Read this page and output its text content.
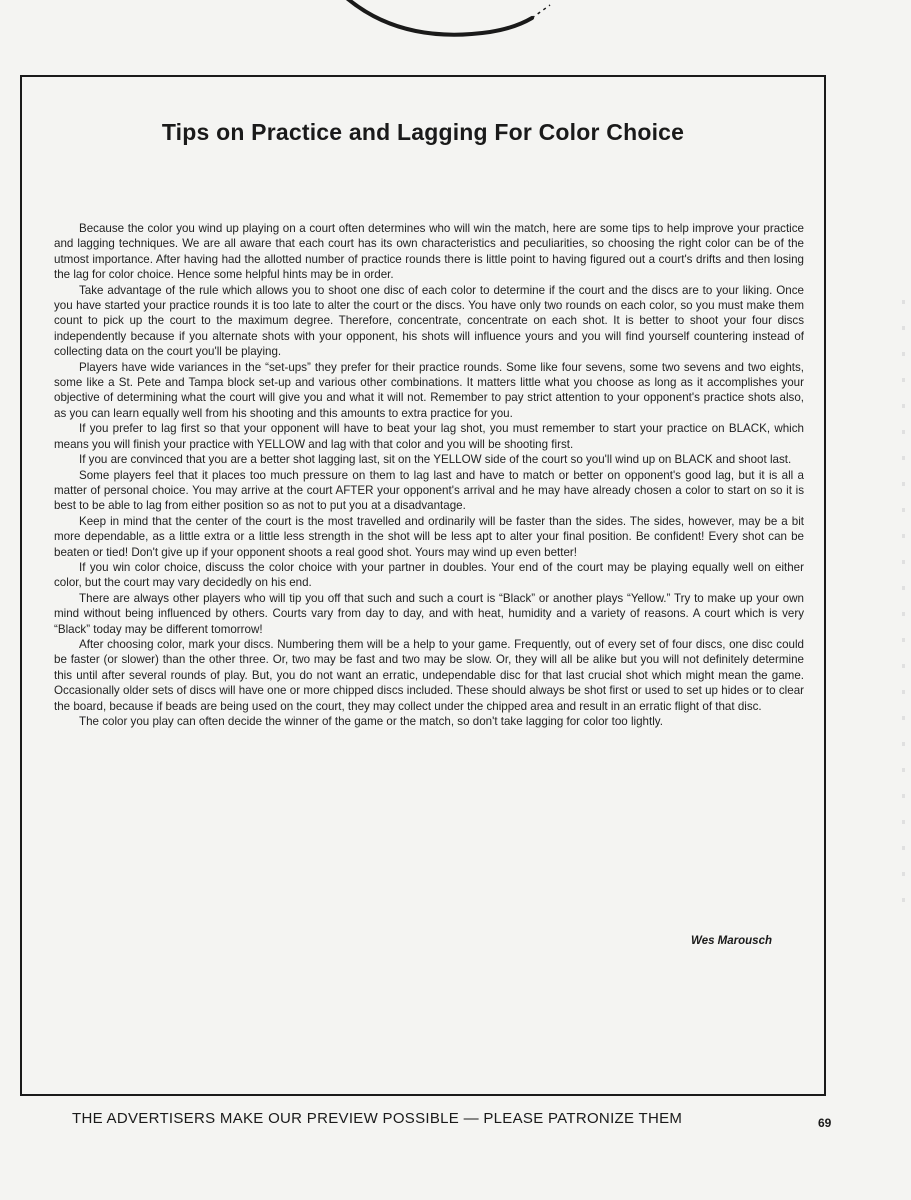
Tips on Practice and Lagging For Color Choice

Because the color you wind up playing on a court often determines who will win the match, here are some tips to help improve your practice and lagging techniques. We are all aware that each court has its own characteristics and peculiarities, so choosing the right color can be of the utmost importance. After having had the allotted number of practice rounds there is little point to having figured out a court's drifts and then losing the lag for color choice. Hence some helpful hints may be in order.

Take advantage of the rule which allows you to shoot one disc of each color to determine if the court and the discs are to your liking. Once you have started your practice rounds it is too late to alter the court or the discs. You have only two rounds on each color, so you must make them count to pick up the court to the maximum degree. Therefore, concentrate, concentrate on each shot. It is better to shoot your four discs independently because if you alternate shots with your opponent, his shots will influence yours and you will find yourself countering instead of collecting data on the court you'll be playing.

Players have wide variances in the “set-ups” they prefer for their practice rounds. Some like four sevens, some two sevens and two eights, some like a St. Pete and Tampa block set-up and various other combinations. It matters little what you choose as long as it accomplishes your objective of determining what the court will give you and what it will not. Remember to pay strict attention to your opponent's practice shots also, as you can learn equally well from his shooting and this amounts to extra practice for you.

If you prefer to lag first so that your opponent will have to beat your lag shot, you must remember to start your practice on BLACK, which means you will finish your practice with YELLOW and lag with that color and you will be shooting first.

If you are convinced that you are a better shot lagging last, sit on the YELLOW side of the court so you'll wind up on BLACK and shoot last.

Some players feel that it places too much pressure on them to lag last and have to match or better on opponent's good lag, but it is all a matter of personal choice. You may arrive at the court AFTER your opponent's arrival and he may have already chosen a color to start on so it is best to be able to lag from either position so as not to put you at a disadvantage.

Keep in mind that the center of the court is the most travelled and ordinarily will be faster than the sides. The sides, however, may be a bit more dependable, as a little extra or a little less strength in the shot will be less apt to alter your final position. Be confident! Every shot can be beaten or tied! Don't give up if your opponent shoots a real good shot. Yours may wind up even better!

If you win color choice, discuss the color choice with your partner in doubles. Your end of the court may be playing equally well on either color, but the court may vary decidedly on his end.

There are always other players who will tip you off that such and such a court is “Black” or another plays “Yellow.” Try to make up your own mind without being influenced by others. Courts vary from day to day, and with heat, humidity and a variety of reasons. A court which is very “Black” today may be different tomorrow!

After choosing color, mark your discs. Numbering them will be a help to your game. Frequently, out of every set of four discs, one disc could be faster (or slower) than the other three. Or, two may be fast and two may be slow. Or, they will all be alike but you will not definitely determine this until after several rounds of play. But, you do not want an erratic, undependable disc for that last crucial shot which might mean the game. Occasionally older sets of discs will have one or more chipped discs included. These should always be shot first or used to set up hides or to clear the board, because if beads are being used on the court, they may collect under the chipped area and result in an erratic flight of that disc.

The color you play can often decide the winner of the game or the match, so don't take lagging for color too lightly.

Wes Marousch
THE ADVERTISERS MAKE OUR PREVIEW POSSIBLE — PLEASE PATRONIZE THEM	69
